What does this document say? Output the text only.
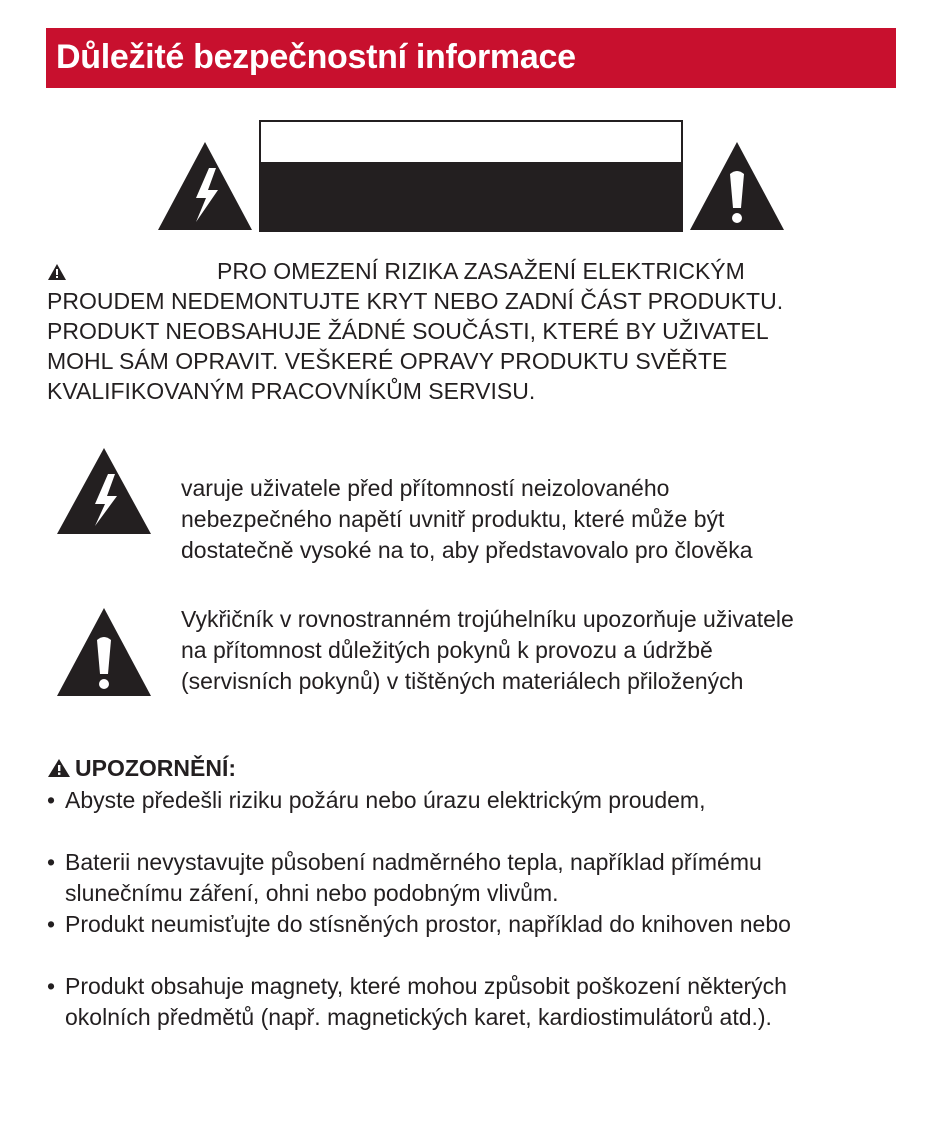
Důležité bezpečnostní informace
PRO OMEZENÍ RIZIKA ZASAŽENÍ ELEKTRICKÝM
PROUDEM NEDEMONTUJTE KRYT NEBO ZADNÍ ČÁST PRODUKTU.
PRODUKT NEOBSAHUJE ŽÁDNÉ SOUČÁSTI, KTERÉ BY UŽIVATEL
MOHL SÁM OPRAVIT. VEŠKERÉ OPRAVY PRODUKTU SVĚŘTE
KVALIFIKOVANÝM PRACOVNÍKŮM SERVISU.
varuje uživatele před přítomností neizolovaného
nebezpečného napětí uvnitř produktu, které může být
dostatečně vysoké na to, aby představovalo pro člověka
Vykřičník v rovnostranném trojúhelníku upozorňuje uživatele
na přítomnost důležitých pokynů k provozu a údržbě
(servisních pokynů) v tištěných materiálech přiložených
UPOZORNĚNÍ:
• Abyste předešli riziku požáru nebo úrazu elektrickým proudem,
• Baterii nevystavujte působení nadměrného tepla, například přímému
slunečnímu záření, ohni nebo podobným vlivům.
• Produkt neumisťujte do stísněných prostor, například do knihoven nebo
• Produkt obsahuje magnety, které mohou způsobit poškození některých
okolních předmětů (např. magnetických karet, kardiostimulátorů atd.).
